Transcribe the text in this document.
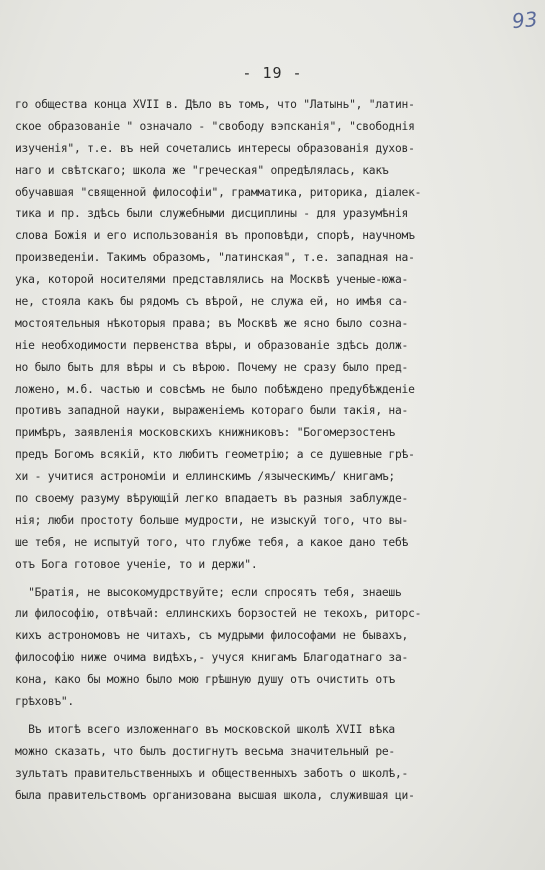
93
- 19 -
го общества конца XVII в. Дѣло въ томъ, что "Латынь", "латин-
ское образованіе " означало - "свободу вэпсканія", "свободнія
изученія", т.е. въ ней сочетались интересы образованія духов-
наго и свѣтскаго; школа же "греческая" опредѣлялась, какъ
обучавшая "священной философіи", грамматика, риторика, діалек-
тика и пр. здѣсь были служебными дисциплины - для уразумѣнія
слова Божія и его использованія въ проповѣди, спорѣ, научномъ
произведеніи. Такимъ образомъ, "латинская", т.е. западная на-
ука, которой носителями представлялись на Москвѣ ученые-южа-
не, стояла какъ бы рядомъ съ вѣрой, не служа ей, но имѣя са-
мостоятельныя нѣкоторыя права; въ Москвѣ же ясно было созна-
ніе необходимости первенства вѣры, и образованіе здѣсь долж-
но было быть для вѣры и съ вѣрою. Почему не сразу было пред-
ложено, м.б. частью и совсѣмъ не было побѣждено предубѣжденіе
противъ западной науки, выраженіемъ котораго были такія, на-
примѣръ, заявленія московскихъ книжниковъ: "Богомерзостенъ
предъ Богомъ всякій, кто любитъ геометрію; а се душевные грѣ-
хи - учитися астрономіи и еллинскимъ /языческимъ/ книгамъ;
по своему разуму вѣрующій легко впадаетъ въ разныя заблужде-
нія; люби простоту больше мудрости, не изыскуй того, что вы-
ше тебя, не испытуй того, что глубже тебя, а какое дано тебѣ
отъ Бога готовое ученіе, то и держи".
"Братія, не высокомудрствуйте; если спросятъ тебя, знаешь
ли философію, отвѣчай: еллинскихъ борзостей не текохъ, риторс-
кихъ астрономовъ не читахъ, съ мудрыми философами не бывахъ,
философію ниже очима видѣхъ,- учуся книгамъ Благодатнаго за-
кона, како бы можно было мою грѣшную душу отъ очистить отъ
грѣховъ".
Въ итогѣ всего изложеннаго въ московской школѣ XVII вѣка
можно сказать, что былъ достигнутъ весьма значительный ре-
зультатъ правительственныхъ и общественныхъ заботъ о школѣ,-
была правительствомъ организована высшая школа, служившая ци-
